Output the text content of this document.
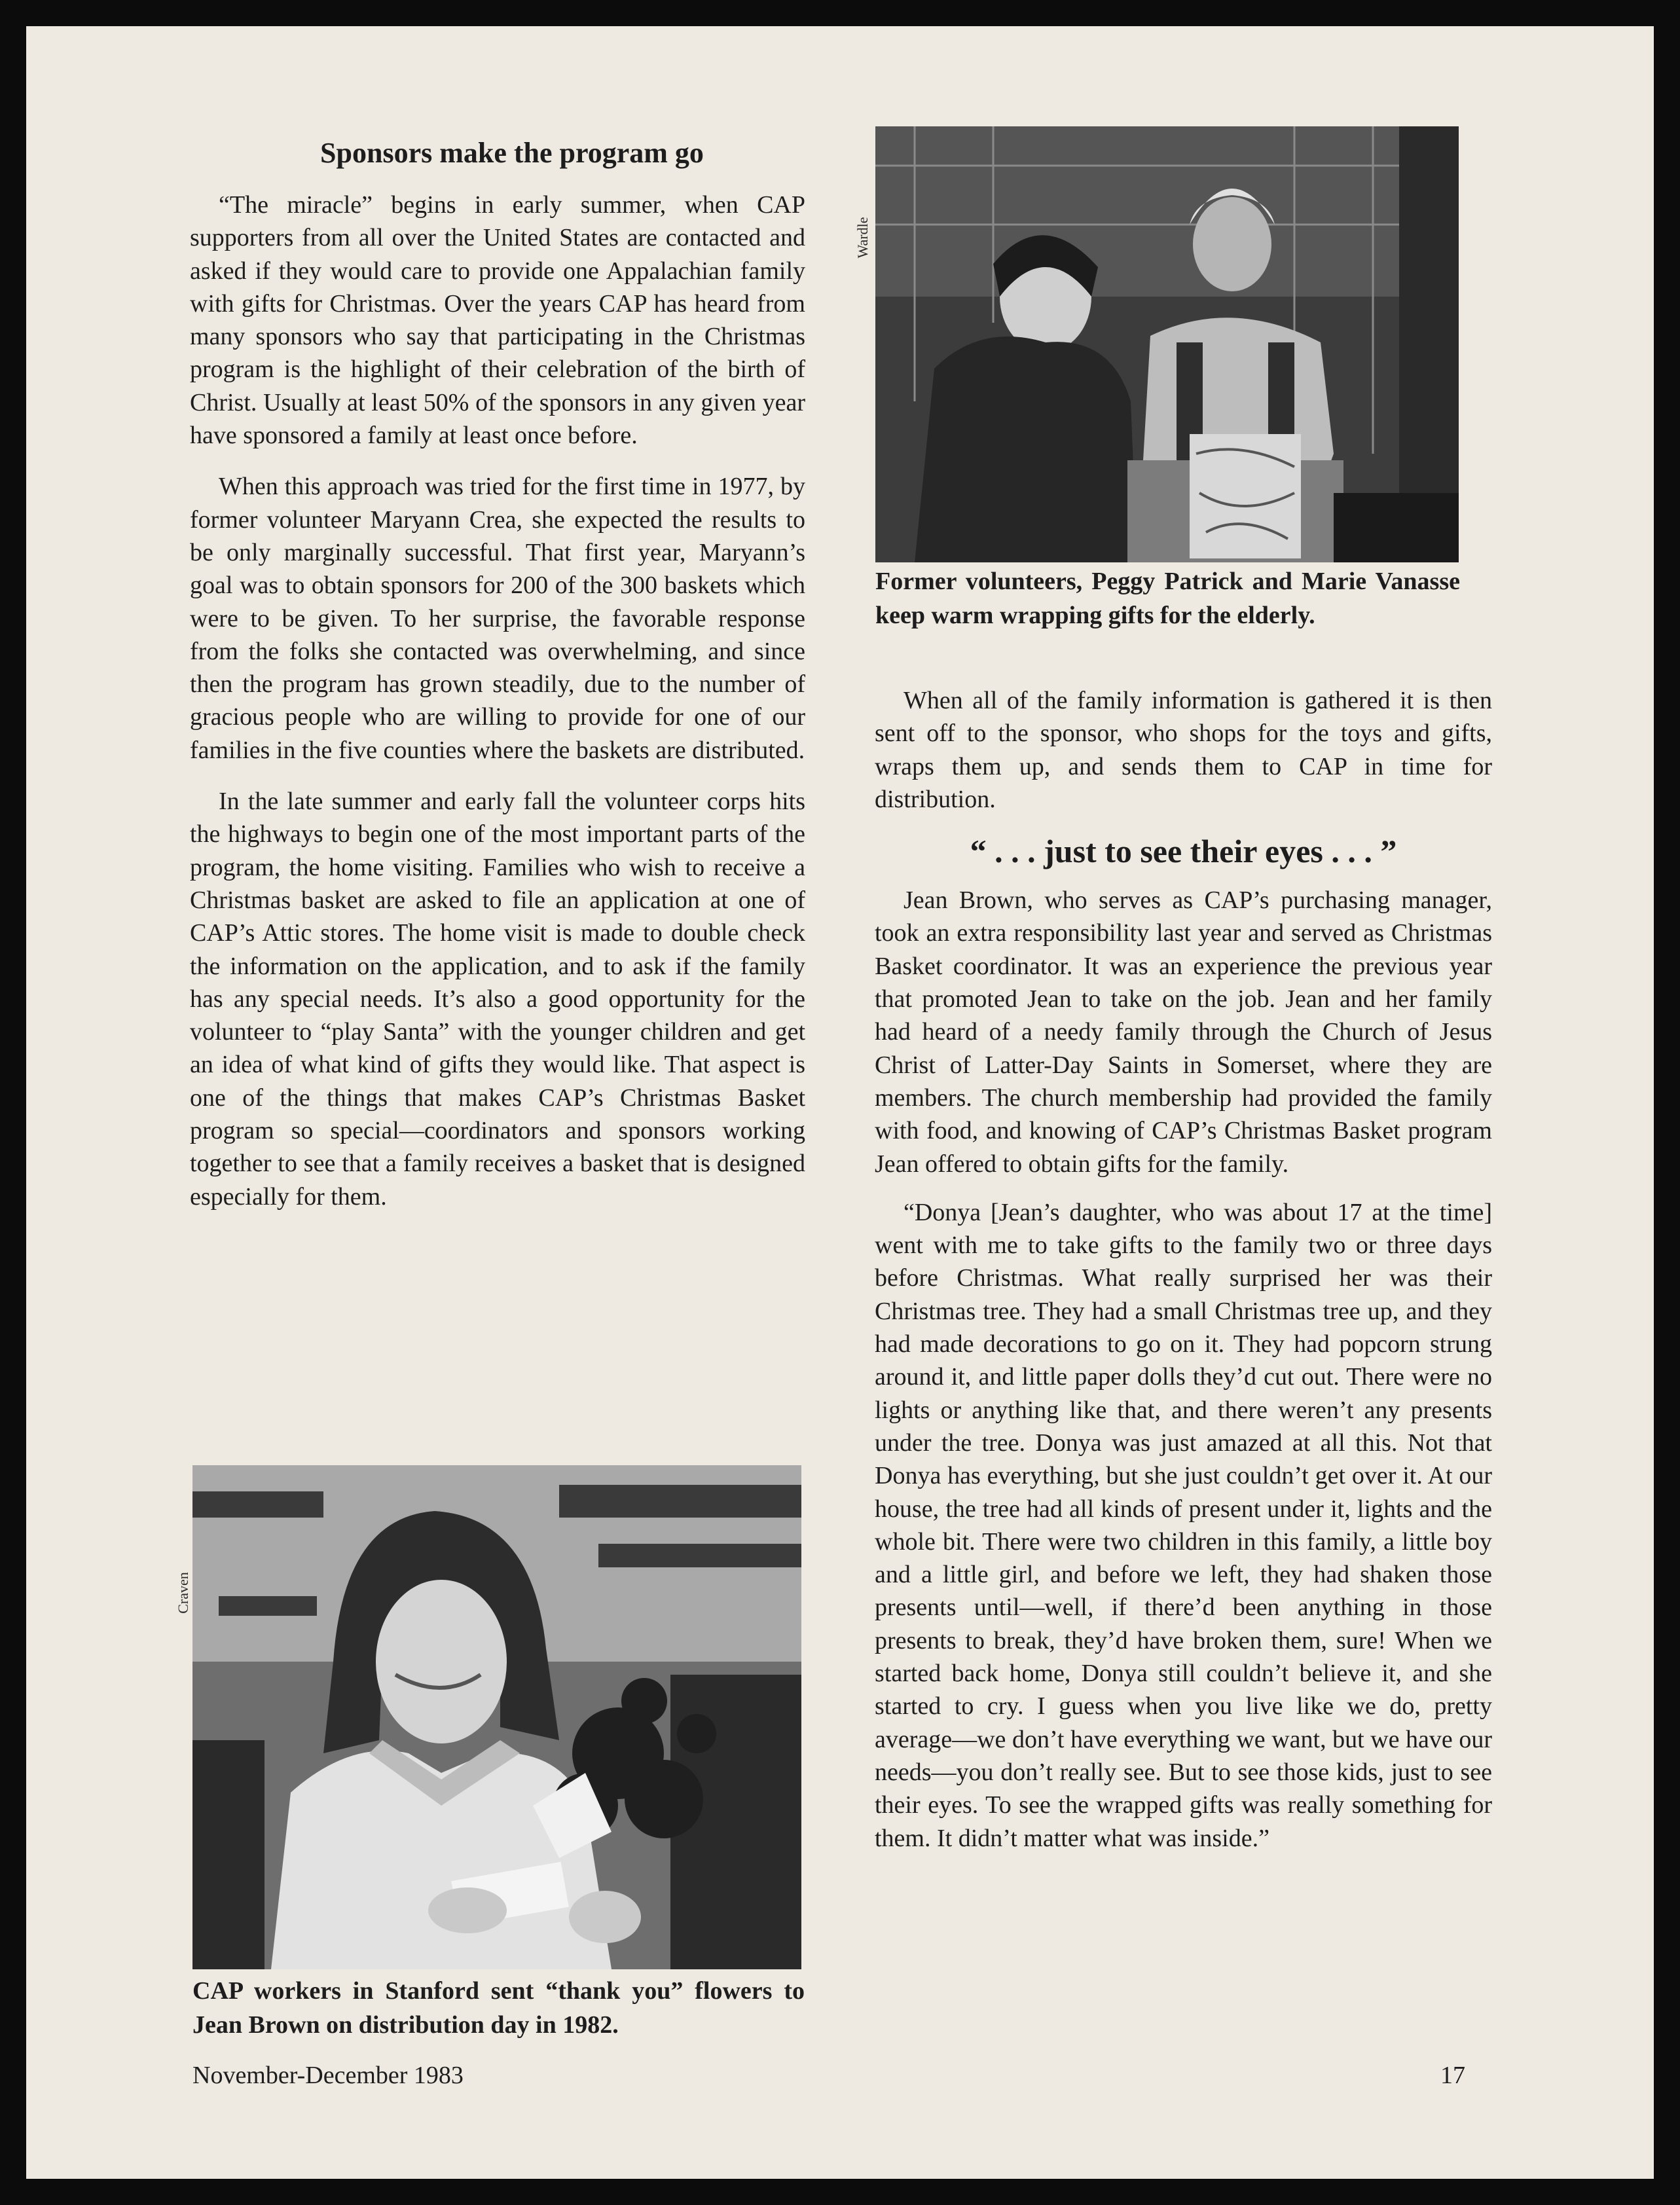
Sponsors make the program go

“The miracle” begins in early summer, when CAP supporters from all over the United States are contacted and asked if they would care to provide one Appalachian family with gifts for Christmas. Over the years CAP has heard from many sponsors who say that participating in the Christmas program is the highlight of their celebration of the birth of Christ. Usually at least 50% of the sponsors in any given year have sponsored a family at least once before.

When this approach was tried for the first time in 1977, by former volunteer Maryann Crea, she expected the results to be only marginally successful. That first year, Maryann’s goal was to obtain sponsors for 200 of the 300 baskets which were to be given. To her surprise, the favorable response from the folks she contacted was overwhelming, and since then the program has grown steadily, due to the number of gracious people who are willing to provide for one of our families in the five counties where the baskets are distributed.

In the late summer and early fall the volunteer corps hits the highways to begin one of the most important parts of the program, the home visiting. Families who wish to receive a Christmas basket are asked to file an application at one of CAP’s Attic stores. The home visit is made to double check the information on the application, and to ask if the family has any special needs. It’s also a good opportunity for the volunteer to “play Santa” with the younger children and get an idea of what kind of gifts they would like. That aspect is one of the things that makes CAP’s Christmas Basket program so special—coordinators and sponsors working together to see that a family receives a basket that is designed especially for them.

Wardle
Former volunteers, Peggy Patrick and Marie Vanasse keep warm wrapping gifts for the elderly.

When all of the family information is gathered it is then sent off to the sponsor, who shops for the toys and gifts, wraps them up, and sends them to CAP in time for distribution.

“ . . . just to see their eyes . . . ”

Jean Brown, who serves as CAP’s purchasing manager, took an extra responsibility last year and served as Christmas Basket coordinator. It was an experience the previous year that promoted Jean to take on the job. Jean and her family had heard of a needy family through the Church of Jesus Christ of Latter-Day Saints in Somerset, where they are members. The church membership had provided the family with food, and knowing of CAP’s Christmas Basket program Jean offered to obtain gifts for the family.

“Donya [Jean’s daughter, who was about 17 at the time] went with me to take gifts to the family two or three days before Christmas. What really surprised her was their Christmas tree. They had a small Christmas tree up, and they had made decorations to go on it. They had popcorn strung around it, and little paper dolls they’d cut out. There were no lights or anything like that, and there weren’t any presents under the tree. Donya was just amazed at all this. Not that Donya has everything, but she just couldn’t get over it. At our house, the tree had all kinds of present under it, lights and the whole bit. There were two children in this family, a little boy and a little girl, and before we left, they had shaken those presents until—well, if there’d been anything in those presents to break, they’d have broken them, sure! When we started back home, Donya still couldn’t believe it, and she started to cry. I guess when you live like we do, pretty average—we don’t have everything we want, but we have our needs—you don’t really see. But to see those kids, just to see their eyes. To see the wrapped gifts was really something for them. It didn’t matter what was inside.”

Craven
CAP workers in Stanford sent “thank you” flowers to Jean Brown on distribution day in 1982.
November-December 1983	17
